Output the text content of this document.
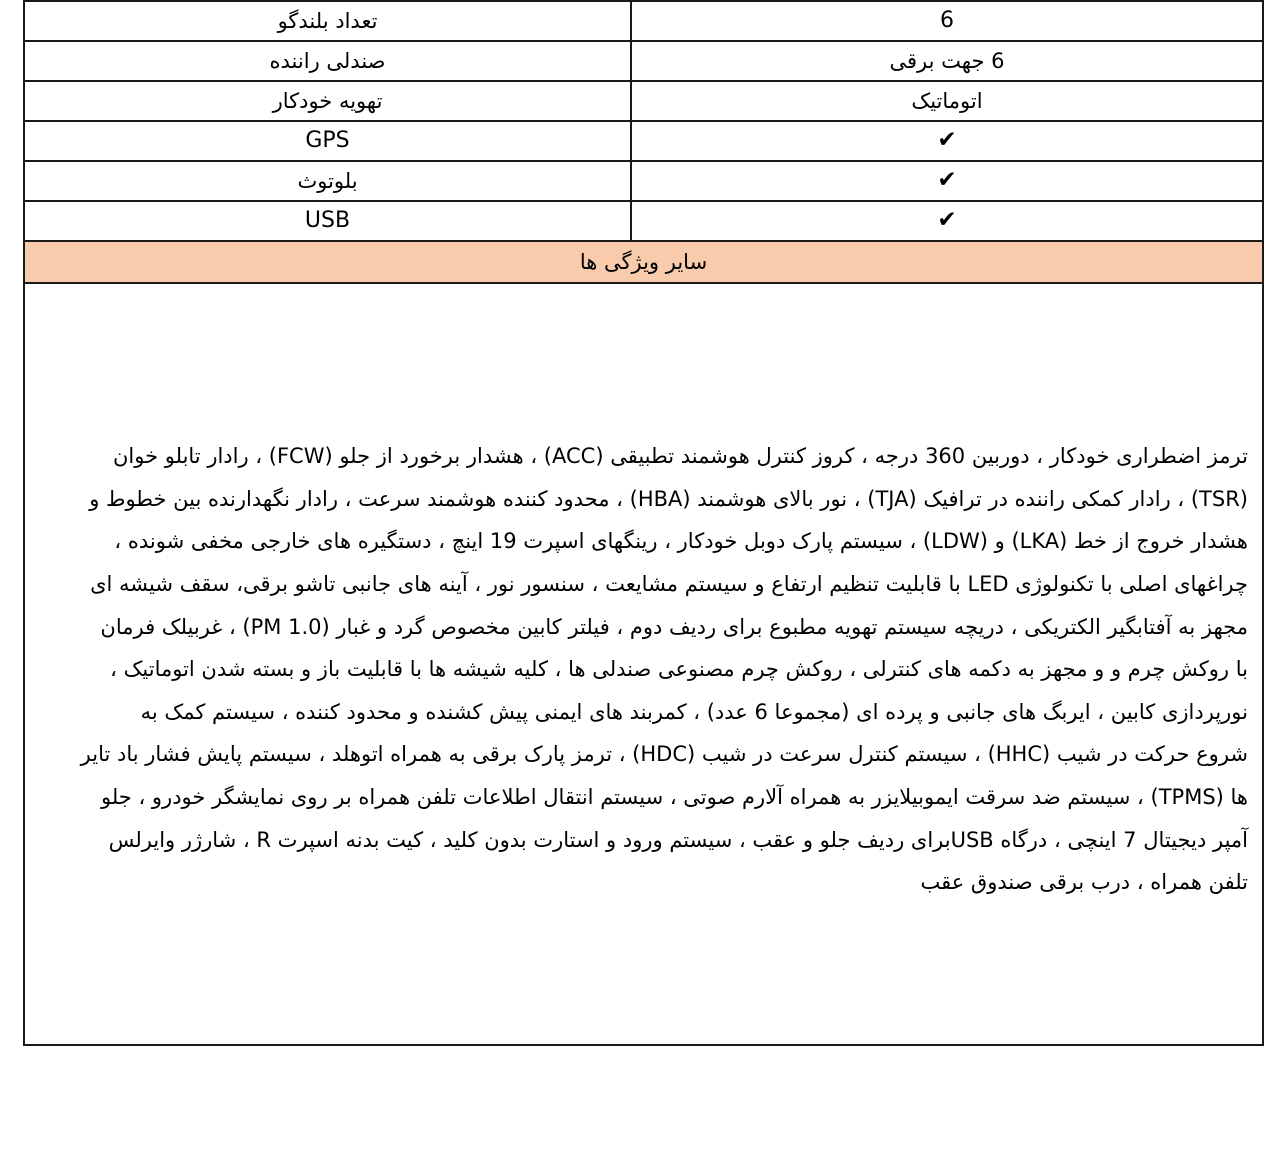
6	تعداد بلندگو

6 جهت برقی	صندلی راننده

اتوماتیک	تهویه خودکار

✔	GPS

✔	بلوتوث

✔	USB

سایر ویژگی ها	

ترمز اضطراری خودکار ، دوربین 360 درجه ، کروز کنترل هوشمند تطبیقی (ACC) ، هشدار برخورد از جلو (FCW) ، رادار تابلو خوان
(TSR) ، رادار کمکی راننده در ترافیک (TJA) ، نور بالای هوشمند (HBA) ، محدود کننده هوشمند سرعت ، رادار نگهدارنده بین خطوط و
هشدار خروج از خط (LKA) و (LDW) ، سیستم پارک دوبل خودکار ، رینگهای اسپرت 19 اینچ ، دستگیره های خارجی مخفی شونده ،
چراغهای اصلی با تکنولوژی LED با قابلیت تنظیم ارتفاع و سیستم مشایعت ، سنسور نور ، آینه های جانبی تاشو برقی، سقف شیشه ای
مجهز به آفتابگیر الکتریکی ، دریچه سیستم تهویه مطبوع برای ردیف دوم ، فیلتر کابین مخصوص گرد و غبار (PM 1.0) ، غربیلک فرمان
با روکش چرم و و مجهز به دکمه های کنترلی ، روکش چرم مصنوعی صندلی ها ، کلیه شیشه ها با قابلیت باز و بسته شدن اتوماتیک ،
نورپردازی کابین ، ایربگ های جانبی و پرده ای (مجموعا 6 عدد) ، کمربند های ایمنی پیش کشنده و محدود کننده ، سیستم کمک به
شروع حرکت در شیب (HHC) ، سیستم کنترل سرعت در شیب (HDC) ، ترمز پارک برقی به همراه اتوهلد ، سیستم پایش فشار باد تایر
ها (TPMS) ، سیستم ضد سرقت ایموبیلایزر به همراه آلارم صوتی ، سیستم انتقال اطلاعات تلفن همراه بر روی نمایشگر خودرو ، جلو
آمپر دیجیتال 7 اینچی ، درگاه USBبرای ردیف جلو و عقب ، سیستم ورود و استارت بدون کلید ، کیت بدنه اسپرت R ، شارژر وایرلس
تلفن همراه ، درب برقی صندوق عقب
